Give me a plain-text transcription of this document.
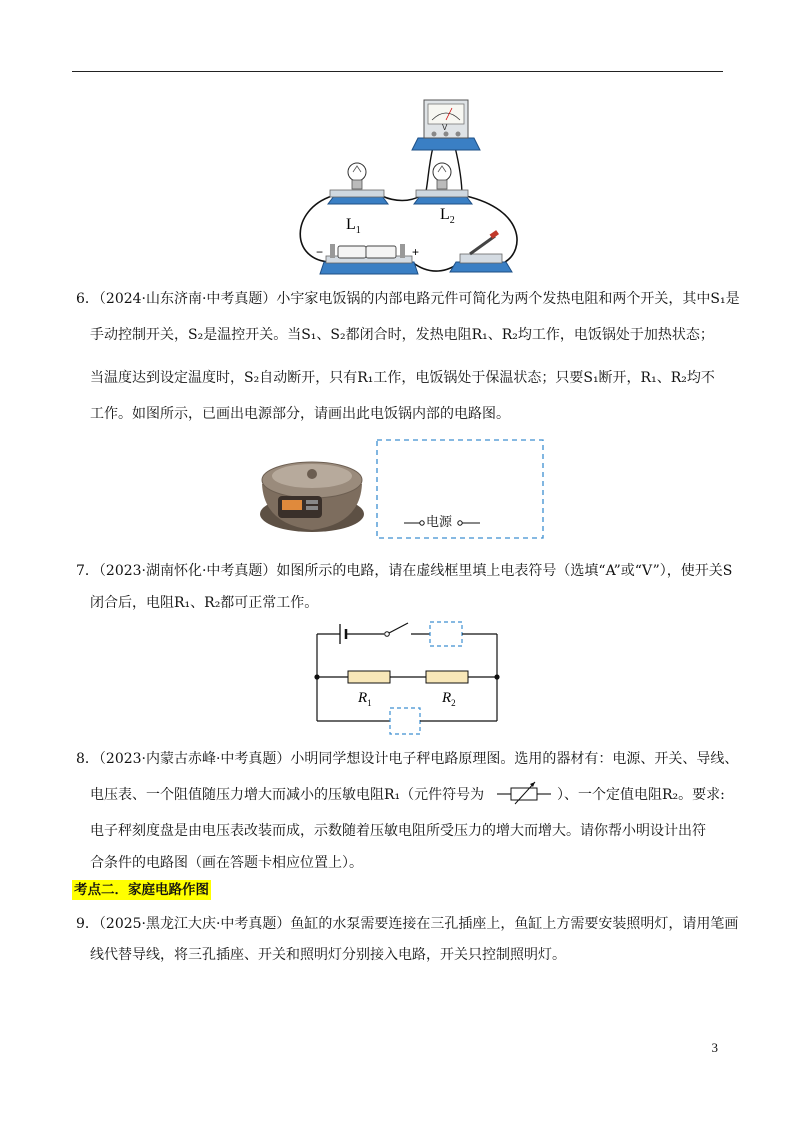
V
$L_1$
$L_2$
−	+
6．（2024·山东济南·中考真题）小宇家电饭锅的内部电路元件可简化为两个发热电阻和两个开关，其中S₁是
手动控制开关，S₂是温控开关。当S₁、S₂都闭合时，发热电阻R₁、R₂均工作，电饭锅处于加热状态；
当温度达到设定温度时，S₂自动断开，只有R₁工作，电饭锅处于保温状态；只要S₁断开，R₁、R₂均不
工作。如图所示，已画出电源部分，请画出此电饭锅内部的电路图。
电源
7．（2023·湖南怀化·中考真题）如图所示的电路，请在虚线框里填上电表符号（选填“A”或“V”），使开关S
闭合后，电阻R₁、R₂都可正常工作。
$R_1$	$R_2$
8．（2023·内蒙古赤峰·中考真题）小明同学想设计电子秤电路原理图。选用的器材有：电源、开关、导线、
电压表、一个阻值随压力增大而减小的压敏电阻R₁（元件符号为	）、一个定值电阻R₂。要求:
电子秤刻度盘是由电压表改装而成，示数随着压敏电阻所受压力的增大而增大。请你帮小明设计出符
合条件的电路图（画在答题卡相应位置上）。
考点二．家庭电路作图
9．（2025·黑龙江大庆·中考真题）鱼缸的水泵需要连接在三孔插座上，鱼缸上方需要安装照明灯，请用笔画
线代替导线，将三孔插座、开关和照明灯分别接入电路，开关只控制照明灯。
3
